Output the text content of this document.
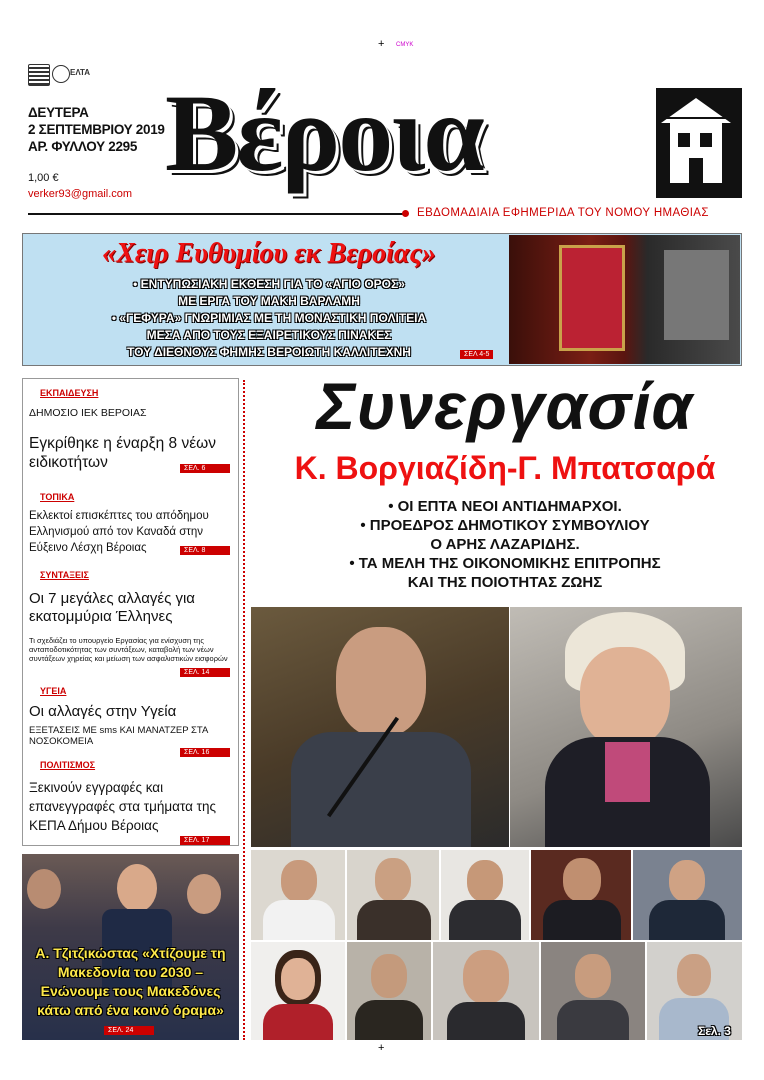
+ CMYK
+
ΕΛΤΑ
ΔΕΥΤΕΡΑ
2 ΣΕΠΤΕΜΒΡΙΟΥ 2019
ΑΡ. ΦΥΛΛΟΥ 2295
1,00 €
verker93@gmail.com Βέροια
ΕΒΔΟΜΑΔΙΑΙΑ ΕΦΗΜΕΡΙΔΑ ΤΟΥ ΝΟΜΟΥ ΗΜΑΘΙΑΣ
«Χειρ Ευθυμίου εκ Βεροίας»
• ΕΝΤΥΠΩΣΙΑΚΗ ΕΚΘΕΣΗ ΓΙΑ ΤΟ «ΑΓΙΟ ΟΡΟΣ»
ΜΕ ΕΡΓΑ ΤΟΥ ΜΑΚΗ ΒΑΡΛΑΜΗ
• «ΓΕΦΥΡΑ» ΓΝΩΡΙΜΙΑΣ ΜΕ ΤΗ ΜΟΝΑΣΤΙΚΗ ΠΟΛΙΤΕΙΑ
ΜΕΣΑ ΑΠΟ ΤΟΥΣ ΕΞΑΙΡΕΤΙΚΟΥΣ ΠΙΝΑΚΕΣ
ΤΟΥ ΔΙΕΘΝΟΥΣ ΦΗΜΗΣ ΒΕΡΟΙΩΤΗ ΚΑΛΛΙΤΕΧΝΗ	ΣΕΛ 4-5
ΕΚΠΑΙΔΕΥΣΗ
ΔΗΜΟΣΙΟ ΙΕΚ ΒΕΡΟΙΑΣ
Εγκρίθηκε η έναρξη 8 νέων ειδικοτήτων	ΣΕΛ. 6
ΤΟΠΙΚΑ
Εκλεκτοί επισκέπτες του απόδημου Ελληνισμού από τον Καναδά στην Εύξεινο Λέσχη Βέροιας	ΣΕΛ. 8
ΣΥΝΤΑΞΕΙΣ
Οι 7 μεγάλες αλλαγές για εκατομμύρια Έλληνες
Τι σχεδιάζει το υπουργείο Εργασίας για ενίσχυση της ανταποδοτικότητας των συντάξεων, καταβολή των νέων συντάξεων χηρείας και μείωση των ασφαλιστικών εισφορών
ΣΕΛ. 14
ΥΓΕΙΑ
Οι αλλαγές στην Υγεία
ΕΞΕΤΑΣΕΙΣ ΜΕ sms ΚΑΙ ΜΑΝΑΤΖΕΡ ΣΤΑ ΝΟΣΟΚΟΜΕΙΑ
ΣΕΛ. 16
ΠΟΛΙΤΙΣΜΟΣ
Ξεκινούν εγγραφές και επανεγγραφές στα τμήματα της ΚΕΠΑ Δήμου Βέροιας
ΣΕΛ. 17
Α. Τζιτζικώστας «Χτίζουμε τη Μακεδονία του 2030 – Ενώνουμε τους Μακεδόνες κάτω από ένα κοινό όραμα»
ΣΕΛ. 24
Συνεργασία
Κ. Βοργιαζίδη-Γ. Μπατσαρά
• ΟΙ ΕΠΤΑ ΝΕΟΙ ΑΝΤΙΔΗΜΑΡΧΟΙ.
• ΠΡΟΕΔΡΟΣ ΔΗΜΟΤΙΚΟΥ ΣΥΜΒΟΥΛΙΟΥ
Ο ΑΡΗΣ ΛΑΖΑΡΙΔΗΣ.
• ΤΑ ΜΕΛΗ ΤΗΣ ΟΙΚΟΝΟΜΙΚΗΣ ΕΠΙΤΡΟΠΗΣ
ΚΑΙ ΤΗΣ ΠΟΙΟΤΗΤΑΣ ΖΩΗΣ
Σελ. 3
